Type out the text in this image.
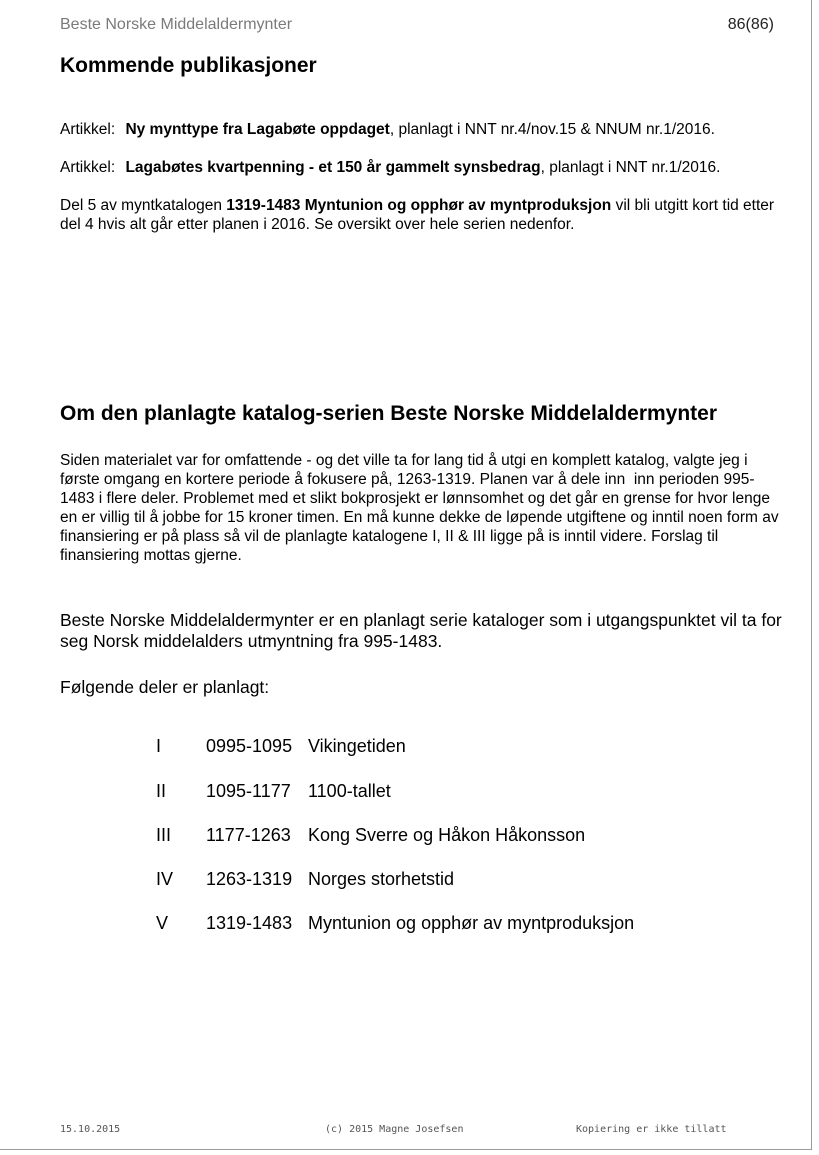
Beste Norske Middelaldermynter	86(86)
Kommende publikasjoner
Artikkel: Ny mynttype fra Lagabøte oppdaget, planlagt i NNT nr.4/nov.15 & NNUM nr.1/2016.
Artikkel: Lagabøtes kvartpenning - et 150 år gammelt synsbedrag, planlagt i NNT nr.1/2016.
Del 5 av myntkatalogen 1319-1483 Myntunion og opphør av myntproduksjon vil bli utgitt kort tid etter del 4 hvis alt går etter planen i 2016. Se oversikt over hele serien nedenfor.
Om den planlagte katalog-serien Beste Norske Middelaldermynter
Siden materialet var for omfattende - og det ville ta for lang tid å utgi en komplett katalog, valgte jeg i første omgang en kortere periode å fokusere på, 1263-1319. Planen var å dele inn  inn perioden 995-1483 i flere deler. Problemet med et slikt bokprosjekt er lønnsomhet og det går en grense for hvor lenge en er villig til å jobbe for 15 kroner timen. En må kunne dekke de løpende utgiftene og inntil noen form av finansiering er på plass så vil de planlagte katalogene I, II & III ligge på is inntil videre. Forslag til finansiering mottas gjerne.
Beste Norske Middelaldermynter er en planlagt serie kataloger som i utgangspunktet vil ta for seg Norsk middelalders utmyntning fra 995-1483.
Følgende deler er planlagt:
I 0995-1095 Vikingetiden
II 1095-1177 1100-tallet
III 1177-1263 Kong Sverre og Håkon Håkonsson
IV 1263-1319 Norges storhetstid
V 1319-1483 Myntunion og opphør av myntproduksjon
15.10.2015	(c) 2015 Magne Josefsen	Kopiering er ikke tillatt
